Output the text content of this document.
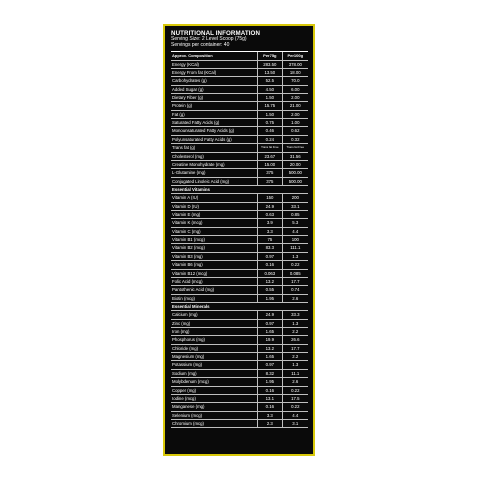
NUTRITIONAL INFORMATION
Serving Size: 2 Level Scoop (75g)
Servings per container: 40
Approx. Composition	Per75g	Per100g
Energy (KCal)	283.50	378.00
Energy From fat (KCal)	13.50	18.00
Carbohydrates (g)	52.5	70.0
Added Sugar (g)	4.50	6.00
Dietary Fiber (g)	1.50	2.00
Protein (g)	15.75	21.00
Fat (g)	1.50	2.00
Saturated Fatty Acids (g)	0.75	1.00
Monounsaturated Fatty Acids (g)	0.46	0.62
Polyunsaturated Fatty Acids (g)	0.24	0.32
Trans fat (g)	Trans fat Free	Trans fat Free
Cholesterol (mg)	23.67	31.56
Creatine Monohydrate (mg)	15.00	20.00
L-Glutamine (mg)	375	500.00
Conjugated Linoleic Acid (mg)	375	500.00
Essential Vitamins
Vitamin A (IU)	150	200
Vitamin D (IU)	24.9	33.1
Vitamin E (mg)	0.63	0.85
Vitamin K (mcg)	3.9	5.3
Vitamin C (mg)	3.3	4.4
Vitamin B1 (mcg)	75	100
Vitamin B2 (mcg)	83.3	111.1
Vitamin B3 (mg)	0.97	1.3
Vitamin B6 (mg)	0.16	0.22
Vitamin B12 (mcg)	0.063	0.085
Folic Acid (mcg)	13.2	17.7
Pantothenic Acid (mg)	0.55	0.74
Biotin (mcg)	1.95	2.6
Essential Minerals
Calcium (mg)	24.9	33.3
Zinc (mg)	0.97	1.3
Iron (mg)	1.65	2.2
Phosphorus (mg)	19.9	26.6
Chloride (mg)	13.2	17.7
Magnesium (mg)	1.65	2.2
Potassium (mg)	0.97	1.3
Sodium (mg)	8.32	11.1
Molybdenum (mcg)	1.95	2.6
Copper (mg)	0.16	0.22
Iodine (mcg)	13.1	17.5
Manganese (mg)	0.16	0.22
Selenium (mcg)	3.3	4.4
Chromium (mcg)	2.3	3.1
